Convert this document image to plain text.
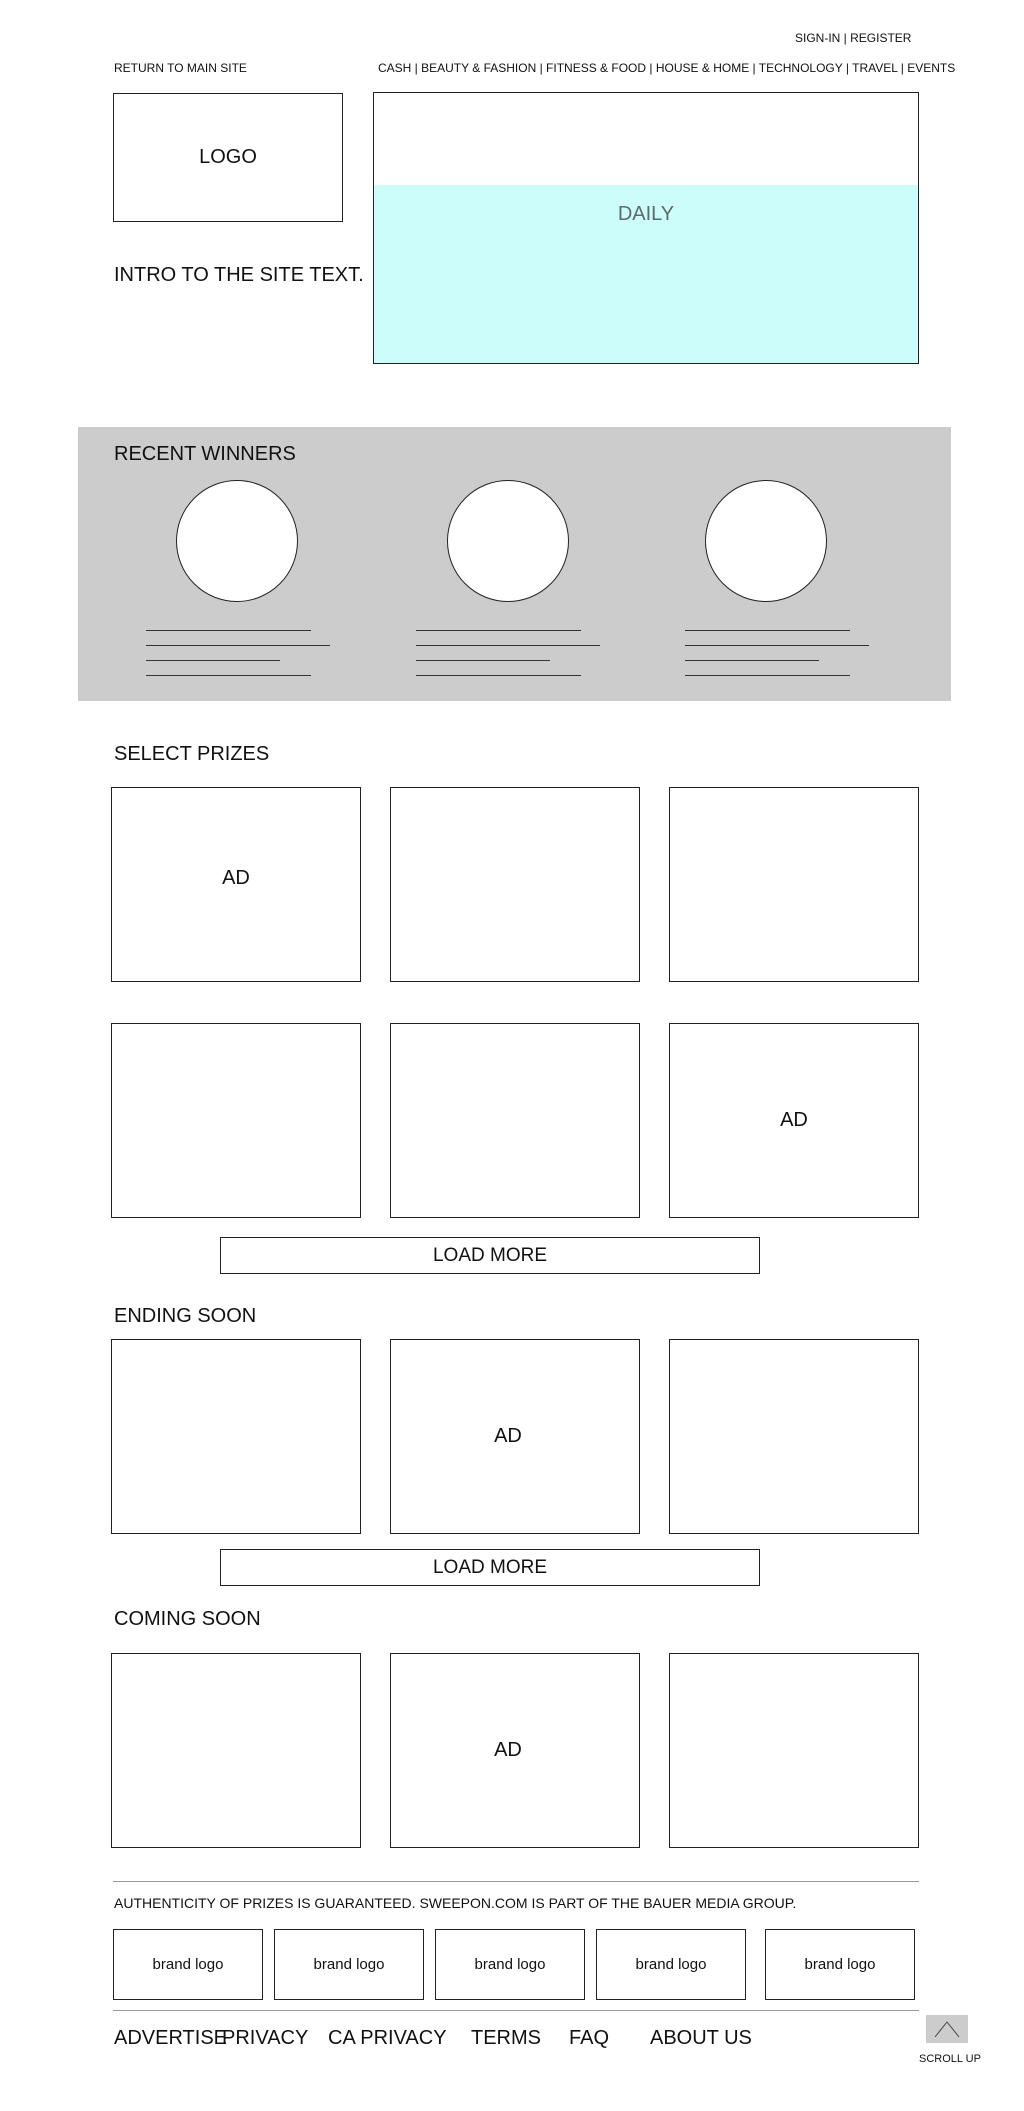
SIGN-IN | REGISTER
RETURN TO MAIN SITE	CASH | BEAUTY & FASHION | FITNESS & FOOD | HOUSE & HOME | TECHNOLOGY | TRAVEL | EVENTS
LOGO
INTRO TO THE SITE TEXT.
DAILY
RECENT WINNERS
SELECT PRIZES
AD
AD
LOAD MORE
ENDING SOON
AD
LOAD MORE
COMING SOON
AD
AUTHENTICITY OF PRIZES IS GUARANTEED. SWEEPON.COM IS PART OF THE BAUER MEDIA GROUP.
brand logo	brand logo	brand logo	brand logo	brand logo
ADVERTISE
PRIVACY CA PRIVACY TERMS FAQ ABOUT US
SCROLL UP
